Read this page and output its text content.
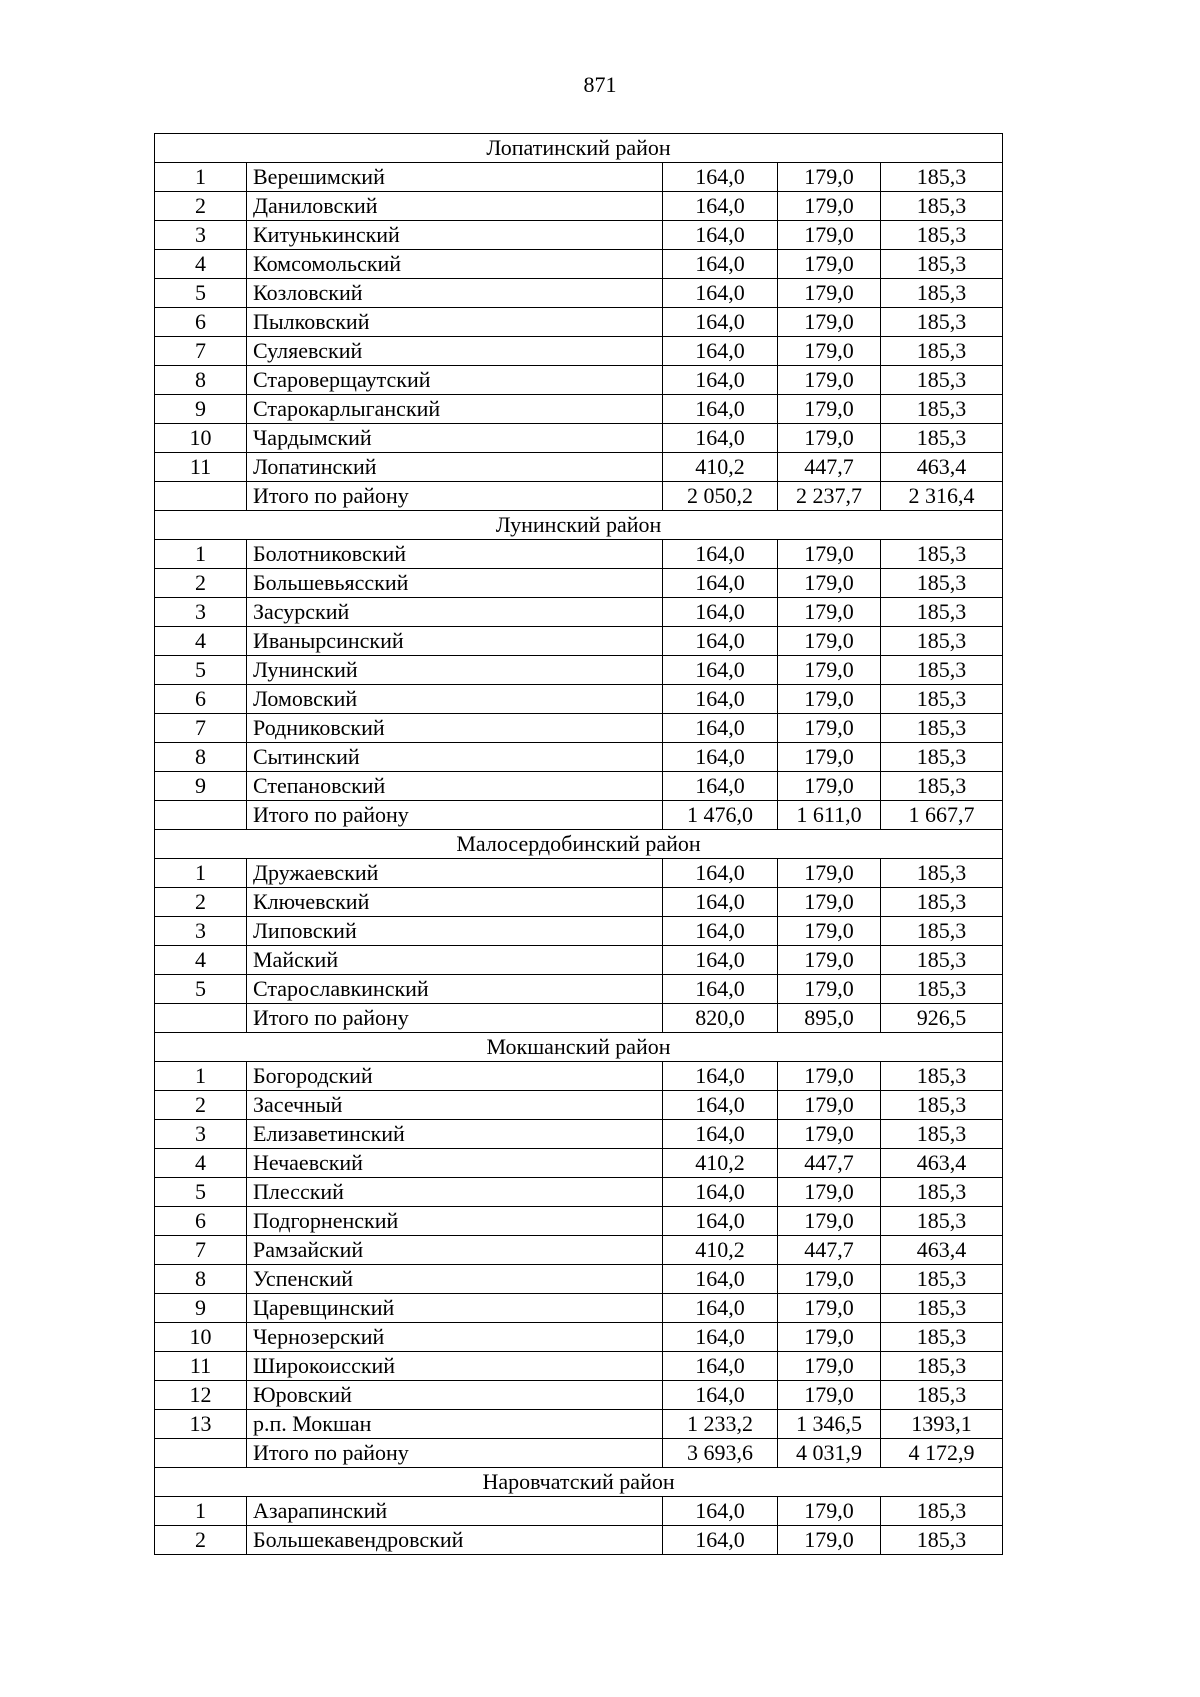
871
Лопатинский район				
1	Верешимский	164,0	179,0	185,3
2	Даниловский	164,0	179,0	185,3
3	Китунькинский	164,0	179,0	185,3
4	Комсомольский	164,0	179,0	185,3
5	Козловский	164,0	179,0	185,3
6	Пылковский	164,0	179,0	185,3
7	Суляевский	164,0	179,0	185,3
8	Староверщаутский	164,0	179,0	185,3
9	Старокарлыганский	164,0	179,0	185,3
10	Чардымский	164,0	179,0	185,3
11	Лопатинский	410,2	447,7	463,4
	Итого по району	2 050,2	2 237,7	2 316,4
Лунинский район				
1	Болотниковский	164,0	179,0	185,3
2	Большевьясский	164,0	179,0	185,3
3	Засурский	164,0	179,0	185,3
4	Иванырсинский	164,0	179,0	185,3
5	Лунинский	164,0	179,0	185,3
6	Ломовский	164,0	179,0	185,3
7	Родниковский	164,0	179,0	185,3
8	Сытинский	164,0	179,0	185,3
9	Степановский	164,0	179,0	185,3
	Итого по району	1 476,0	1 611,0	1 667,7
Малосердобинский район				
1	Дружаевский	164,0	179,0	185,3
2	Ключевский	164,0	179,0	185,3
3	Липовский	164,0	179,0	185,3
4	Майский	164,0	179,0	185,3
5	Старославкинский	164,0	179,0	185,3
	Итого по району	820,0	895,0	926,5
Мокшанский район				
1	Богородский	164,0	179,0	185,3
2	Засечный	164,0	179,0	185,3
3	Елизаветинский	164,0	179,0	185,3
4	Нечаевский	410,2	447,7	463,4
5	Плесский	164,0	179,0	185,3
6	Подгорненский	164,0	179,0	185,3
7	Рамзайский	410,2	447,7	463,4
8	Успенский	164,0	179,0	185,3
9	Царевщинский	164,0	179,0	185,3
10	Чернозерский	164,0	179,0	185,3
11	Широкоисский	164,0	179,0	185,3
12	Юровский	164,0	179,0	185,3
13	р.п. Мокшан	1 233,2	1 346,5	1393,1
	Итого по району	3 693,6	4 031,9	4 172,9
Наровчатский район				
1	Азарапинский	164,0	179,0	185,3
2	Большекавендровский	164,0	179,0	185,3
